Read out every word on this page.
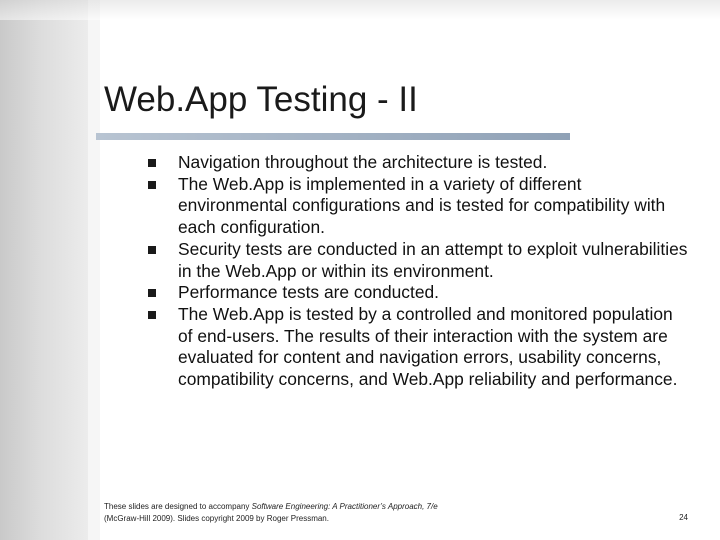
Web.App Testing - II
Navigation throughout the architecture is tested.
The Web.App is implemented in a variety of different environmental configurations and is tested for compatibility with each configuration.
Security tests are conducted in an attempt to exploit vulnerabilities in the Web.App or within its environment.
Performance tests are conducted.
The Web.App is tested by a controlled and monitored population of end-users. The results of their interaction with the system are evaluated for content and navigation errors, usability concerns, compatibility concerns, and Web.App reliability and performance.
These slides are designed to accompany Software Engineering: A Practitioner’s Approach, 7/e
(McGraw-Hill 2009). Slides copyright 2009 by Roger Pressman.	24
